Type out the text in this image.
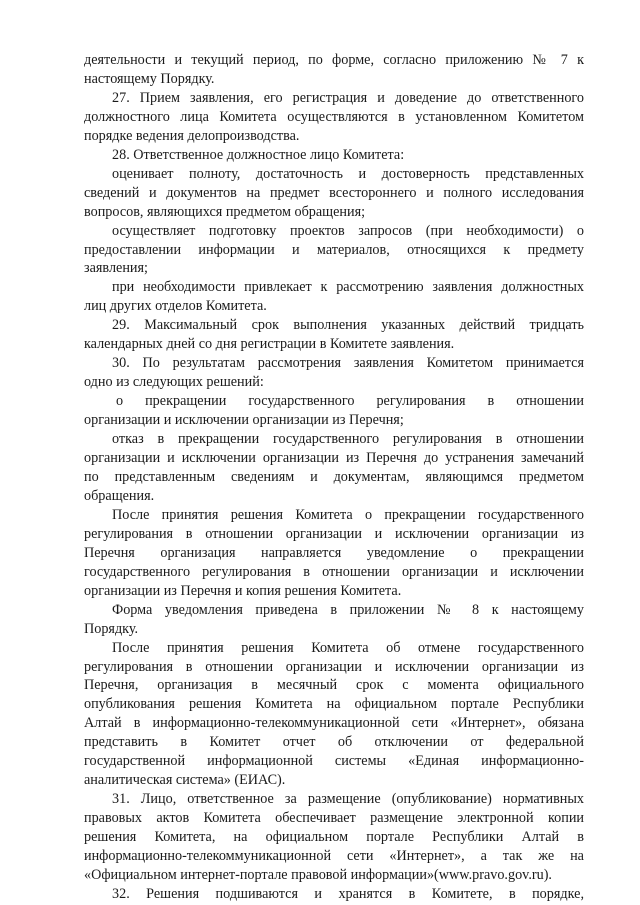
деятельности и текущий период, по форме, согласно приложению № 7 к
настоящему Порядку.
27. Прием заявления, его регистрация и доведение до ответственного
должностного лица Комитета осуществляются в установленном Комитетом
порядке ведения делопроизводства.
28. Ответственное должностное лицо Комитета:
оценивает полноту, достаточность и достоверность представленных
сведений и документов на предмет всестороннего и полного исследования
вопросов, являющихся предметом обращения;
осуществляет подготовку проектов запросов (при необходимости) о
предоставлении информации и материалов, относящихся к предмету
заявления;
при необходимости привлекает к рассмотрению заявления должностных
лиц других отделов Комитета.
29. Максимальный срок выполнения указанных действий тридцать
календарных дней со дня регистрации в Комитете заявления.
30. По результатам рассмотрения заявления Комитетом принимается
одно из следующих решений:
о прекращении государственного регулирования в отношении
организации и исключении организации из Перечня;
отказ в прекращении государственного регулирования в отношении
организации и исключении организации из Перечня до устранения замечаний
по представленным сведениям и документам, являющимся предметом
обращения.
После принятия решения Комитета о прекращении государственного
регулирования в отношении организации и исключении организации из
Перечня организация направляется уведомление о прекращении
государственного регулирования в отношении организации и исключении
организации из Перечня и копия решения Комитета.
Форма уведомления приведена в приложении № 8 к настоящему
Порядку.
После принятия решения Комитета об отмене государственного
регулирования в отношении организации и исключении организации из
Перечня, организация в месячный срок с момента официального
опубликования решения Комитета на официальном портале Республики
Алтай в информационно-телекоммуникационной сети «Интернет», обязана
представить в Комитет отчет об отключении от федеральной
государственной информационной системы «Единая информационно-
аналитическая система» (ЕИАС).
31. Лицо, ответственное за размещение (опубликование) нормативных
правовых актов Комитета обеспечивает размещение электронной копии
решения Комитета, на официальном портале Республики Алтай в
информационно-телекоммуникационной сети «Интернет», а так же на
«Официальном интернет-портале правовой информации»(www.pravo.gov.ru).
32. Решения подшиваются и хранятся в Комитете, в порядке,
